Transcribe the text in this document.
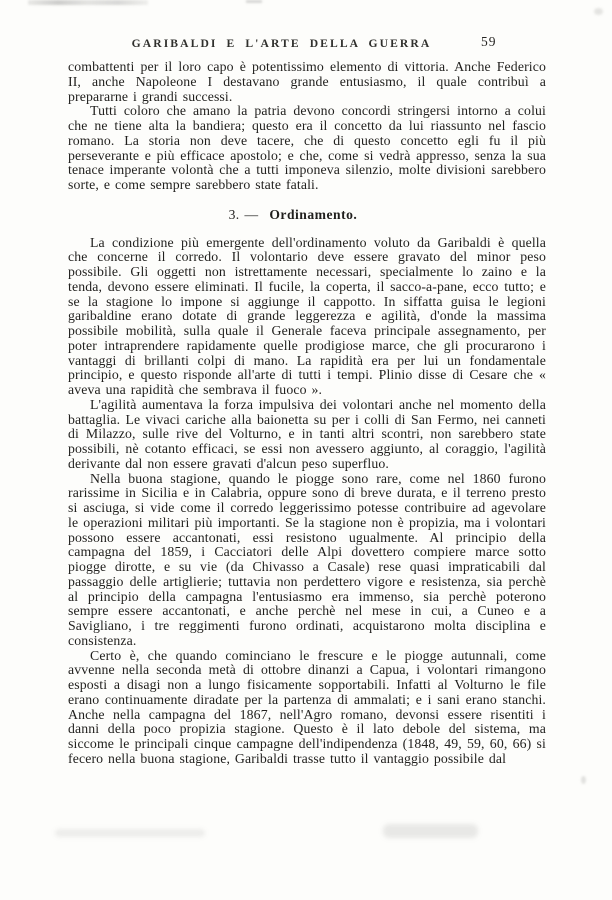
GARIBALDI E L'ARTE DELLA GUERRA	59

combattenti per il loro capo è potentissimo elemento di vittoria. Anche Federico II, anche Napoleone I destavano grande entusiasmo, il quale contribuì a prepararne i grandi successi.

Tutti coloro che amano la patria devono concordi stringersi intorno a colui che ne tiene alta la bandiera; questo era il concetto da lui riassunto nel fascio romano. La storia non deve tacere, che di questo concetto egli fu il più perseverante e più efficace apostolo; e che, come si vedrà appresso, senza la sua tenace imperante volontà che a tutti imponeva silenzio, molte divisioni sarebbero sorte, e come sempre sarebbero state fatali.

3. — Ordinamento.

La condizione più emergente dell'ordinamento voluto da Garibaldi è quella che concerne il corredo. Il volontario deve essere gravato del minor peso possibile. Gli oggetti non istrettamente necessari, specialmente lo zaino e la tenda, devono essere eliminati. Il fucile, la coperta, il sacco-a-pane, ecco tutto; e se la stagione lo impone si aggiunge il cappotto. In siffatta guisa le legioni garibaldine erano dotate di grande leggerezza e agilità, d'onde la massima possibile mobilità, sulla quale il Generale faceva principale assegnamento, per poter intraprendere rapidamente quelle prodigiose marce, che gli procurarono i vantaggi di brillanti colpi di mano. La rapidità era per lui un fondamentale principio, e questo risponde all'arte di tutti i tempi. Plinio disse di Cesare che « aveva una rapidità che sembrava il fuoco ».

L'agilità aumentava la forza impulsiva dei volontari anche nel momento della battaglia. Le vivaci cariche alla baionetta su per i colli di San Fermo, nei canneti di Milazzo, sulle rive del Volturno, e in tanti altri scontri, non sarebbero state possibili, nè cotanto efficaci, se essi non avessero aggiunto, al coraggio, l'agilità derivante dal non essere gravati d'alcun peso superfluo.

Nella buona stagione, quando le piogge sono rare, come nel 1860 furono rarissime in Sicilia e in Calabria, oppure sono di breve durata, e il terreno presto si asciuga, si vide come il corredo leggerissimo potesse contribuire ad agevolare le operazioni militari più importanti. Se la stagione non è propizia, ma i volontari possono essere accantonati, essi resistono ugualmente. Al principio della campagna del 1859, i Cacciatori delle Alpi dovettero compiere marce sotto piogge dirotte, e su vie (da Chivasso a Casale) rese quasi impraticabili dal passaggio delle artiglierie; tuttavia non perdettero vigore e resistenza, sia perchè al principio della campagna l'entusiasmo era immenso, sia perchè poterono sempre essere accantonati, e anche perchè nel mese in cui, a Cuneo e a Savigliano, i tre reggimenti furono ordinati, acquistarono molta disciplina e consistenza.

Certo è, che quando cominciano le frescure e le piogge autunnali, come avvenne nella seconda metà di ottobre dinanzi a Capua, i volontari rimangono esposti a disagi non a lungo fisicamente sopportabili. Infatti al Volturno le file erano continuamente diradate per la partenza di ammalati; e i sani erano stanchi. Anche nella campagna del 1867, nell'Agro romano, devonsi essere risentiti i danni della poco propizia stagione. Questo è il lato debole del sistema, ma siccome le principali cinque campagne dell'indipendenza (1848, 49, 59, 60, 66) si fecero nella buona stagione, Garibaldi trasse tutto il vantaggio possibile dal
